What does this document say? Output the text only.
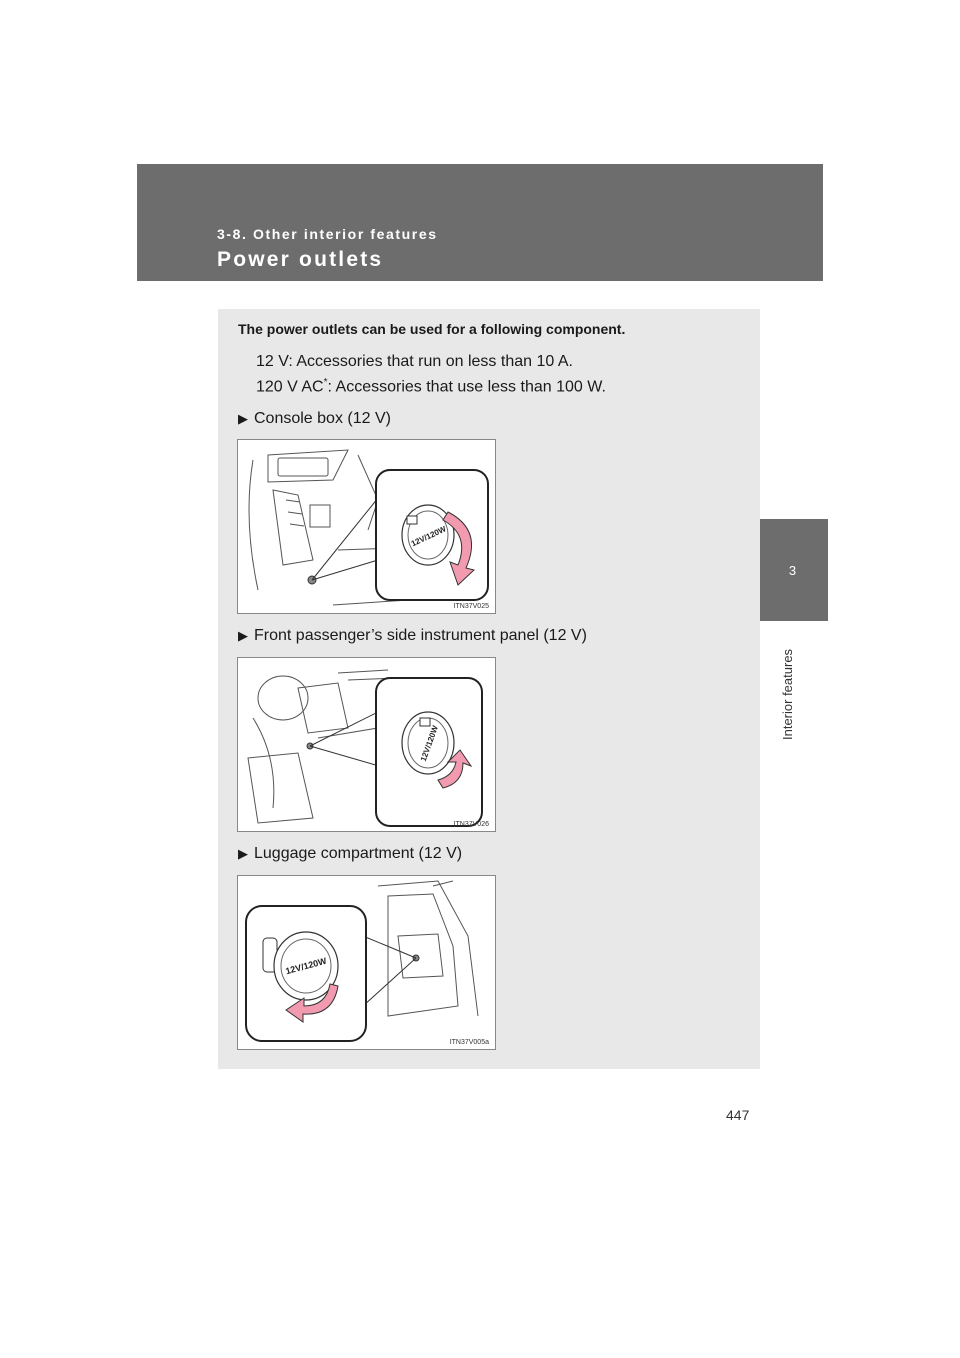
3-8. Other interior features
Power outlets
3
Interior features
The power outlets can be used for a following component.
12 V: Accessories that run on less than 10 A.
120 V AC*: Accessories that use less than 100 W.
▶ Console box (12 V)
12V/120W
ITN37V025
▶ Front passenger’s side instrument panel (12 V)
12V/120W
ITN37V026
▶ Luggage compartment (12 V)
12V/120W
ITN37V005a
447
